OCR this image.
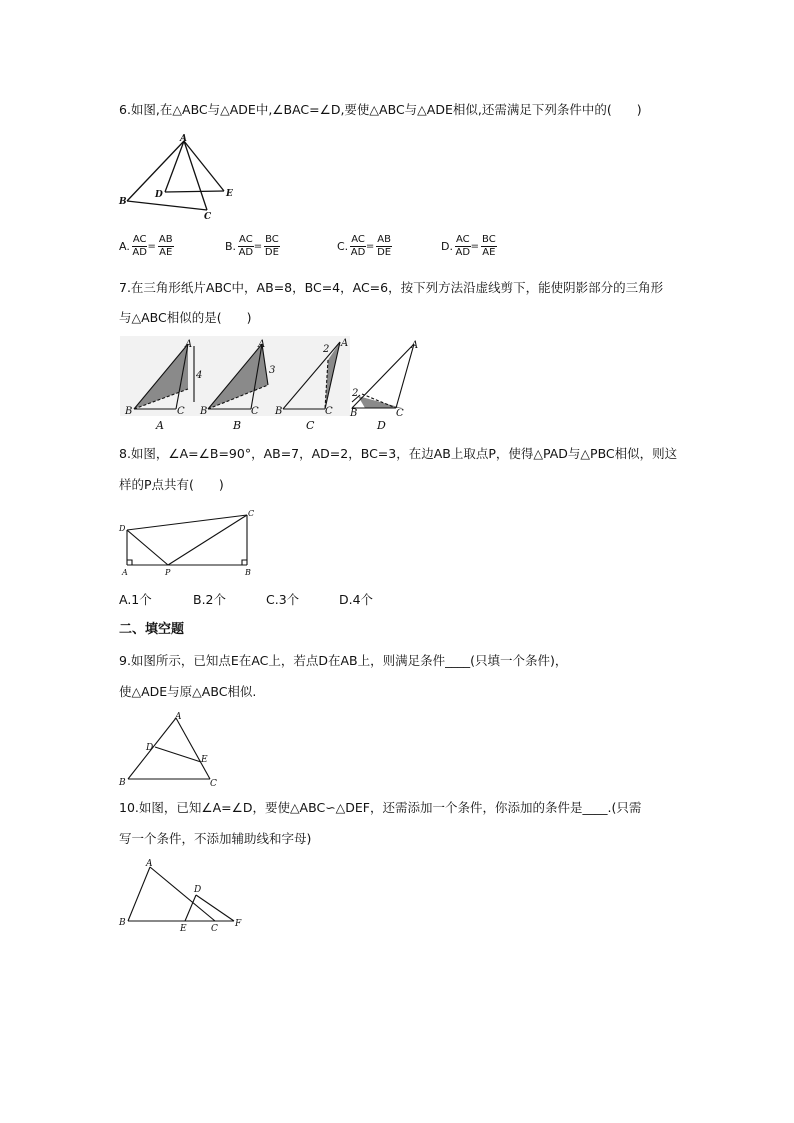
6.如图,在△ABC与△ADE中,∠BAC=∠D,要使△ABC与△ADE相似,还需满足下列条件中的(　　)
A
B
C
D	E
A. $\frac{AC}{AD} = \frac{AB}{AE}$	B. $\frac{AC}{AD} = \frac{BC}{DE}$	C. $\frac{AC}{AD} = \frac{AB}{DE}$	D. $\frac{AC}{AD} = \frac{BC}{AE}$
7.在三角形纸片ABC中，AB=8，BC=4，AC=6，按下列方法沿虚线剪下，能使阴影部分的三角形
与△ABC相似的是(　　)
4
A
B	C
3
A
B	C
2
A
B	C
2
A
B	C
A	B	C	D
8.如图，∠A=∠B=90°，AB=7，AD=2，BC=3，在边AB上取点P，使得△PAD与△PBC相似，则这
样的P点共有(　　)
D
C
A	P	B
A.1个	B.2个	C.3个	D.4个
二、填空题
9.如图所示，已知点E在AC上，若点D在AB上，则满足条件____(只填一个条件)，
使△ADE与原△ABC相似.
A
D
E
B	C
10.如图，已知∠A=∠D，要使△ABC∽△DEF，还需添加一个条件，你添加的条件是____.(只需
写一个条件，不添加辅助线和字母)
A
D
B
E	C F
